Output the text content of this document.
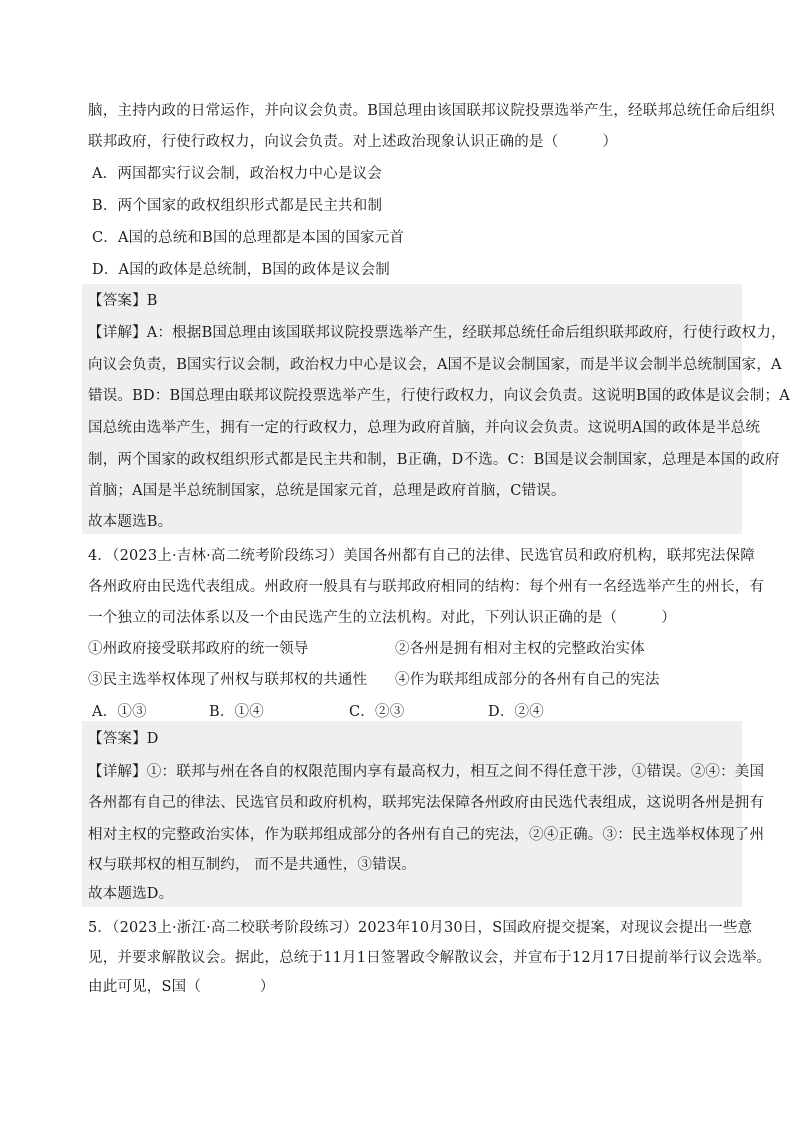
脑，主持内政的日常运作，并向议会负责。B国总理由该国联邦议院投票选举产生，经联邦总统任命后组织
联邦政府，行使行政权力，向议会负责。对上述政治现象认识正确的是（　　　）
A．两国都实行议会制，政治权力中心是议会
B．两个国家的政权组织形式都是民主共和制
C．A国的总统和B国的总理都是本国的国家元首
D．A国的政体是总统制，B国的政体是议会制
【答案】B
【详解】A：根据B国总理由该国联邦议院投票选举产生，经联邦总统任命后组织联邦政府，行使行政权力，
向议会负责，B国实行议会制，政治权力中心是议会，A国不是议会制国家，而是半议会制半总统制国家，A
错误。BD：B国总理由联邦议院投票选举产生，行使行政权力，向议会负责。这说明B国的政体是议会制；A
国总统由选举产生，拥有一定的行政权力，总理为政府首脑，并向议会负责。这说明A国的政体是半总统
制，两个国家的政权组织形式都是民主共和制，B正确，D不选。C：B国是议会制国家，总理是本国的政府
首脑；A国是半总统制国家，总统是国家元首，总理是政府首脑，C错误。
故本题选B。
4．（2023上·吉林·高二统考阶段练习）美国各州都有自己的法律、民选官员和政府机构，联邦宪法保障
各州政府由民选代表组成。州政府一般具有与联邦政府相同的结构：每个州有一名经选举产生的州长，有
一个独立的司法体系以及一个由民选产生的立法机构。对此，下列认识正确的是（　　　）
①州政府接受联邦政府的统一领导	②各州是拥有相对主权的完整政治实体
③民主选举权体现了州权与联邦权的共通性 ④作为联邦组成部分的各州有自己的宪法
A．①③	B．①④	C．②③	D．②④
【答案】D
【详解】①：联邦与州在各自的权限范围内享有最高权力，相互之间不得任意干涉，①错误。②④：美国
各州都有自己的律法、民选官员和政府机构，联邦宪法保障各州政府由民选代表组成，这说明各州是拥有
相对主权的完整政治实体，作为联邦组成部分的各州有自己的宪法，②④正确。③：民主选举权体现了州
权与联邦权的相互制约， 而不是共通性，③错误。
故本题选D。
5．（2023上·浙江·高二校联考阶段练习）2023年10月30日，S国政府提交提案，对现议会提出一些意
见，并要求解散议会。据此，总统于11月1日签署政令解散议会，并宣布于12月17日提前举行议会选举。
由此可见，S国（　　　　）
